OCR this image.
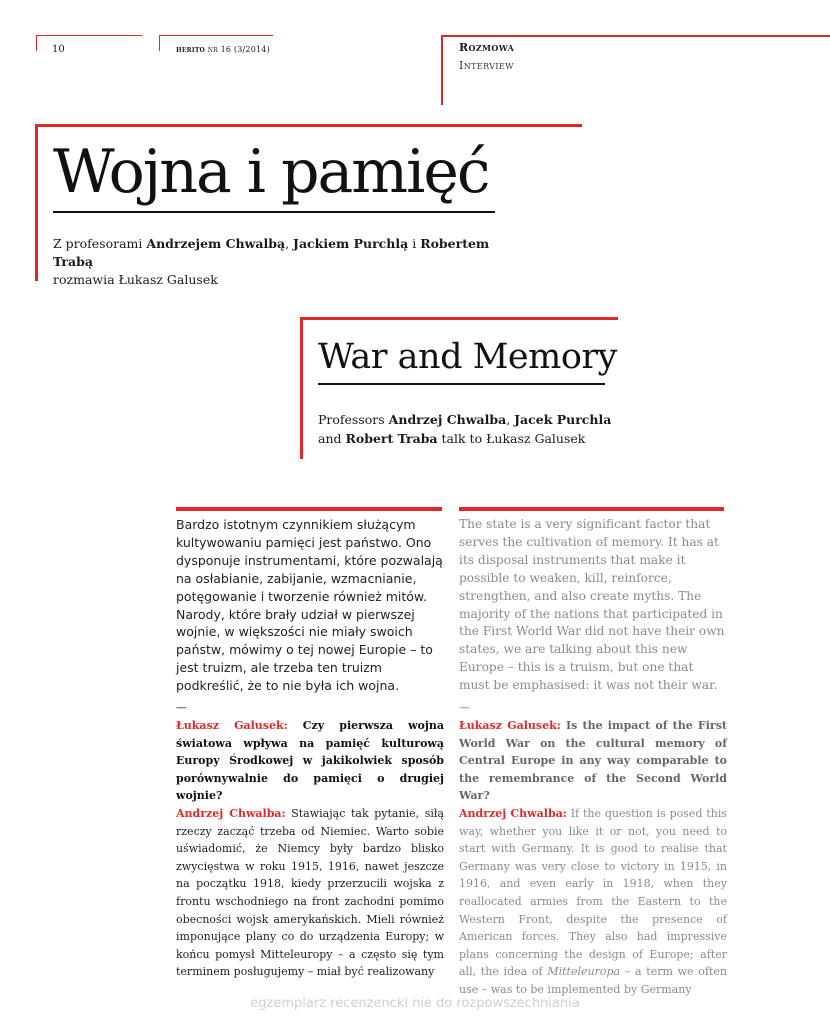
10	herito nr 16 (3/2014)	Rozmowa
Interview
Wojna i pamięć
Z profesorami Andrzejem Chwalbą, Jackiem Purchlą i Robertem Trabą
rozmawia Łukasz Galusek
War and Memory
Professors Andrzej Chwalba, Jacek Purchla
and Robert Traba talk to Łukasz Galusek

Bardzo istotnym czynnikiem służącym kultywowaniu pamięci jest państwo. Ono dysponuje instrumentami, które pozwalają na osłabianie, zabijanie, wzmacnianie, potęgowanie i tworzenie również mitów. Narody, które brały udział w pierwszej wojnie, w większości nie miały swoich państw, mówimy o tej nowej Europie – to jest truizm, ale trzeba ten truizm podkreślić, że to nie była ich wojna.

—

Łukasz Galusek: Czy pierwsza wojna światowa wpływa na pamięć kulturową Europy Środkowej w jakikolwiek sposób porównywalnie do pamięci o drugiej wojnie?

Andrzej Chwalba: Stawiając tak pytanie, siłą rzeczy zacząć trzeba od Niemiec. Warto sobie uświadomić, że Niemcy były bardzo blisko zwycięstwa w roku 1915, 1916, nawet jeszcze na początku 1918, kiedy przerzucili wojska z frontu wschodniego na front zachodni pomimo obecności wojsk amerykańskich. Mieli również imponujące plany co do urządzenia Europy; w końcu pomysł Mitteleuropy – a często się tym terminem posługujemy – miał być realizowany

The state is a very significant factor that serves the cultivation of memory. It has at its disposal instruments that make it possible to weaken, kill, reinforce, strengthen, and also create myths. The majority of the nations that participated in the First World War did not have their own states, we are talking about this new Europe – this is a truism, but one that must be emphasised: it was not their war.

—

Łukasz Galusek: Is the impact of the First World War on the cultural memory of Central Europe in any way comparable to the remembrance of the Second World War?

Andrzej Chwalba: If the question is posed this way, whether you like it or not, you need to start with Germany. It is good to realise that Germany was very close to victory in 1915, in 1916, and even early in 1918, when they reallocated armies from the Eastern to the Western Front, despite the presence of American forces. They also had impressive plans concerning the design of Europe; after all, the idea of Mitteleuropa – a term we often use – was to be implemented by Germany

egzemplarz recenzencki nie do rozpowszechniania
